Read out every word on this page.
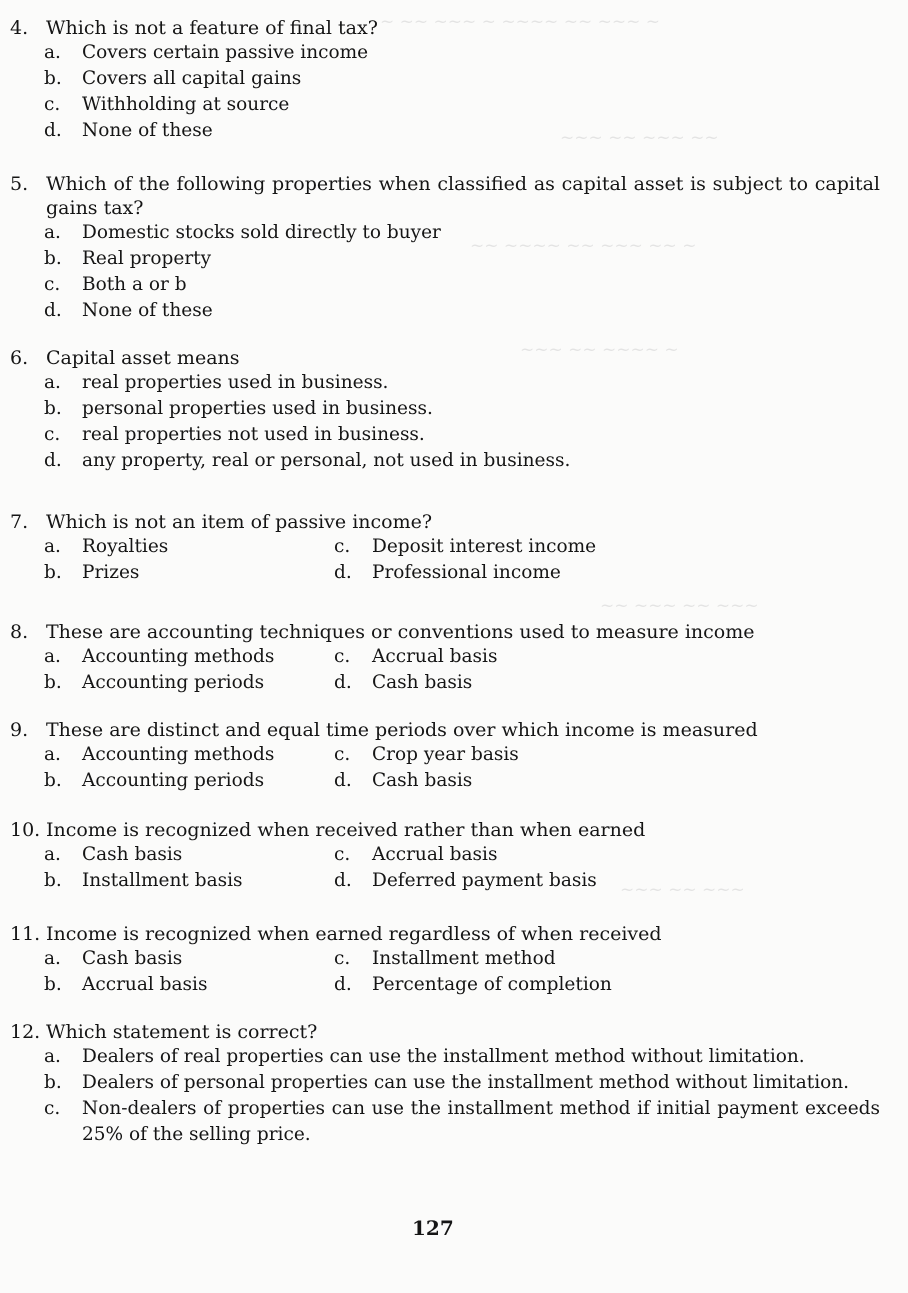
~ ~~ ~~~ ~ ~~~~ ~~ ~~~ ~
~~~ ~~ ~~~ ~~
~~ ~~~~ ~~ ~~~ ~~ ~
~~~ ~~ ~~~~ ~
~~ ~~~ ~~ ~~~
~~~ ~~ ~~~
4. Which is not a feature of final tax?
a.	Covers certain passive income
b.	Covers all capital gains
c.	Withholding at source
d.	None of these
5. Which of the following properties when classified as capital asset is subject to capital gains tax?
a.	Domestic stocks sold directly to buyer
b.	Real property
c.	Both a or b
d.	None of these
6. Capital asset means
a.	real properties used in business.
b.	personal properties used in business.
c.	real properties not used in business.
d.	any property, real or personal, not used in business.
7. Which is not an item of passive income?
a.	Royalties	c.	Deposit interest income
b.	Prizes	d.	Professional income
8. These are accounting techniques or conventions used to measure income
a.	Accounting methods	c.	Accrual basis
b.	Accounting periods	d.	Cash basis
9. These are distinct and equal time periods over which income is measured
a.	Accounting methods	c.	Crop year basis
b.	Accounting periods	d.	Cash basis
10. Income is recognized when received rather than when earned
a.	Cash basis	c.	Accrual basis
b.	Installment basis	d.	Deferred payment basis
11. Income is recognized when earned regardless of when received
a.	Cash basis	c.	Installment method
b.	Accrual basis	d.	Percentage of completion
12. Which statement is correct?
a.	Dealers of real properties can use the installment method without limitation.
b.	Dealers of personal properties can use the installment method without limitation.
c.	Non-dealers of properties can use the installment method if initial payment exceeds 25% of the selling price.
127
